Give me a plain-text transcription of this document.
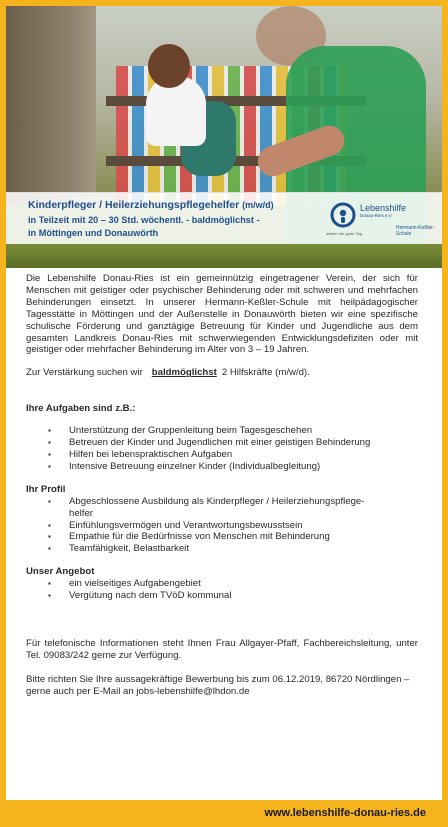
Kinderpfleger / Heilerziehungspflegehelfer (m/w/d)
in Teilzeit mit 20 – 30 Std. wöchentl. - baldmöglichst -
in Möttingen und Donauwörth
Lebenshilfe
Donau-Ries e.V.
wieder ein guter Tag
Hermann-Keßler-Schule

Die Lebenshilfe Donau-Ries ist ein gemeinnützig eingetragener Verein, der sich für Menschen mit geistiger oder psychischer Behinderung oder mit schweren und mehrfachen Behinderungen einsetzt. In unserer Hermann-Keßler-Schule mit heilpädagogischer Tagesstätte in Möttingen und der Außenstelle in Donauwörth bieten wir eine spezifische schulische Förderung und ganztägige Betreuung für Kinder und Jugendliche aus dem gesamten Landkreis Donau-Ries mit schwerwiegenden Entwicklungsdefiziten oder mit geistiger oder mehrfacher Behinderung im Alter von 3 – 19 Jahren.

Zur Verstärkung suchen wir baldmöglichst 2 Hilfskräfte (m/w/d).

Ihre Aufgaben sind z.B.:

▪ Unterstützung der Gruppenleitung beim Tagesgeschehen
▪ Betreuen der Kinder und Jugendlichen mit einer geistigen Behinderung
▪ Hilfen bei lebenspraktischen Aufgaben
▪ Intensive Betreuung einzelner Kinder (Individualbegleitung)

Ihr Profil

▪ Abgeschlossene Ausbildung als Kinderpfleger / Heilerziehungspflege-helfer
▪ Einfühlungsvermögen und Verantwortungsbewusstsein
▪ Empathie für die Bedürfnisse von Menschen mit Behinderung
▪ Teamfähigkeit, Belastbarkeit

Unser Angebot

▪ ein vielseitiges Aufgabengebiet
▪ Vergütung nach dem TVöD kommunal

Für telefonische Informationen steht Ihnen Frau Allgayer-Pfaff, Fachbereichsleitung, unter Tel. 09083/242 gerne zur Verfügung.

Bitte richten Sie Ihre aussagekräftige Bewerbung bis zum 06.12.2019, 86720 Nördlingen – gerne auch per E-Mail an jobs-lebenshilfe@lhdon.de

www.lebenshilfe-donau-ries.de
